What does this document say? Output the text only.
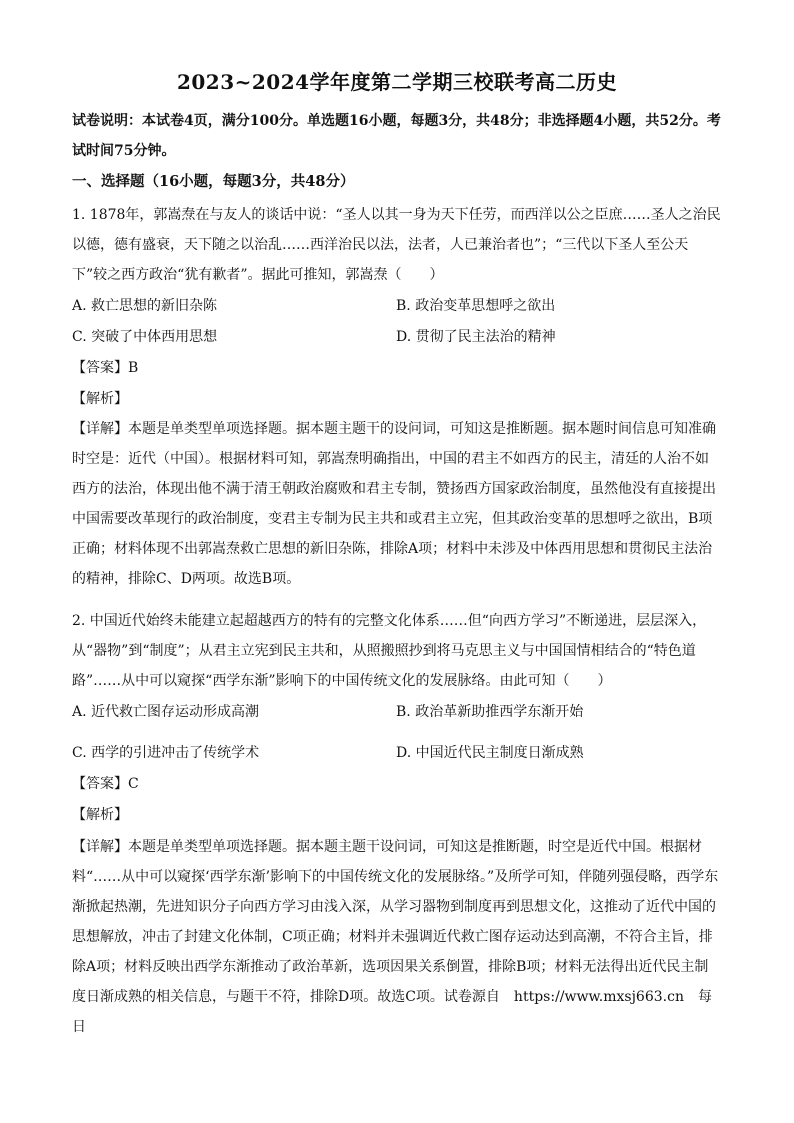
2023~2024学年度第二学期三校联考高二历史

试卷说明：本试卷4页，满分100分。单选题16小题，每题3分，共48分；非选择题4小题，共52分。考试时间75分钟。

一、选择题（16小题，每题3分，共48分）

1. 1878年，郭嵩焘在与友人的谈话中说：“圣人以其一身为天下任劳，而西洋以公之臣庶……圣人之治民以德，德有盛衰，天下随之以治乱……西洋治民以法，法者，人已兼治者也”；“三代以下圣人至公天下”较之西方政治“犹有歉者”。据此可推知，郭嵩焘（　　）

A. 救亡思想的新旧杂陈	B. 政治变革思想呼之欲出
C. 突破了中体西用思想	D. 贯彻了民主法治的精神
【答案】B
【解析】

【详解】本题是单类型单项选择题。据本题主题干的设问词，可知这是推断题。据本题时间信息可知准确时空是：近代（中国）。根据材料可知，郭嵩焘明确指出，中国的君主不如西方的民主，清廷的人治不如西方的法治，体现出他不满于清王朝政治腐败和君主专制，赞扬西方国家政治制度，虽然他没有直接提出中国需要改革现行的政治制度，变君主专制为民主共和或君主立宪，但其政治变革的思想呼之欲出，B项正确；材料体现不出郭嵩焘救亡思想的新旧杂陈，排除A项；材料中未涉及中体西用思想和贯彻民主法治的精神，排除C、D两项。故选B项。

2. 中国近代始终未能建立起超越西方的特有的完整文化体系……但“向西方学习”不断递进，层层深入，从“器物”到“制度”；从君主立宪到民主共和，从照搬照抄到将马克思主义与中国国情相结合的“特色道路”……从中可以窥探“西学东渐”影响下的中国传统文化的发展脉络。由此可知（　　）

A. 近代救亡图存运动形成高潮	B. 政治革新助推西学东渐开始
C. 西学的引进冲击了传统学术	D. 中国近代民主制度日渐成熟
【答案】C
【解析】

【详解】本题是单类型单项选择题。据本题主题干设问词，可知这是推断题，时空是近代中国。根据材料“……从中可以窥探‘西学东渐’影响下的中国传统文化的发展脉络。”及所学可知，伴随列强侵略，西学东渐掀起热潮，先进知识分子向西方学习由浅入深，从学习器物到制度再到思想文化，这推动了近代中国的思想解放，冲击了封建文化体制，C项正确；材料并未强调近代救亡图存运动达到高潮，不符合主旨，排除A项；材料反映出西学东渐推动了政治革新，选项因果关系倒置，排除B项；材料无法得出近代民主制度日渐成熟的相关信息，与题干不符，排除D项。故选C项。试卷源自　https://www.mxsj663.cn　每日
